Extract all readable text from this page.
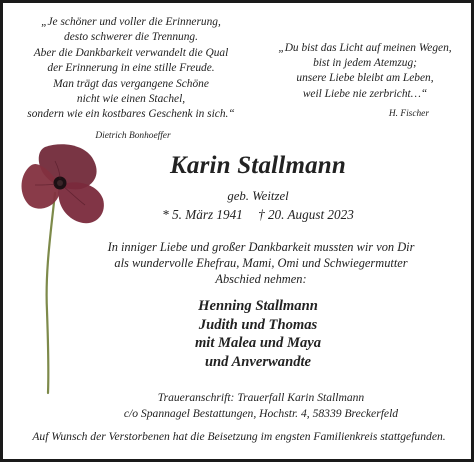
„Je schöner und voller die Erinnerung,
desto schwerer die Trennung.
Aber die Dankbarkeit verwandelt die Qual
der Erinnerung in eine stille Freude.
Man trägt das vergangene Schöne
nicht wie einen Stachel,
sondern wie ein kostbares Geschenk in sich.“
Dietrich Bonhoeffer
„Du bist das Licht auf meinen Wegen,
bist in jedem Atemzug;
unsere Liebe bleibt am Leben,
weil Liebe nie zerbricht…“
H. Fischer
Karin Stallmann
geb. Weitzel
* 5. März 1941 † 20. August 2023
In inniger Liebe und großer Dankbarkeit mussten wir von Dir
als wundervolle Ehefrau, Mami, Omi und Schwiegermutter
Abschied nehmen:
Henning Stallmann
Judith und Thomas
mit Malea und Maya
und Anverwandte
Traueranschrift: Trauerfall Karin Stallmann
c/o Spannagel Bestattungen, Hochstr. 4, 58339 Breckerfeld
Auf Wunsch der Verstorbenen hat die Beisetzung im engsten Familienkreis stattgefunden.
